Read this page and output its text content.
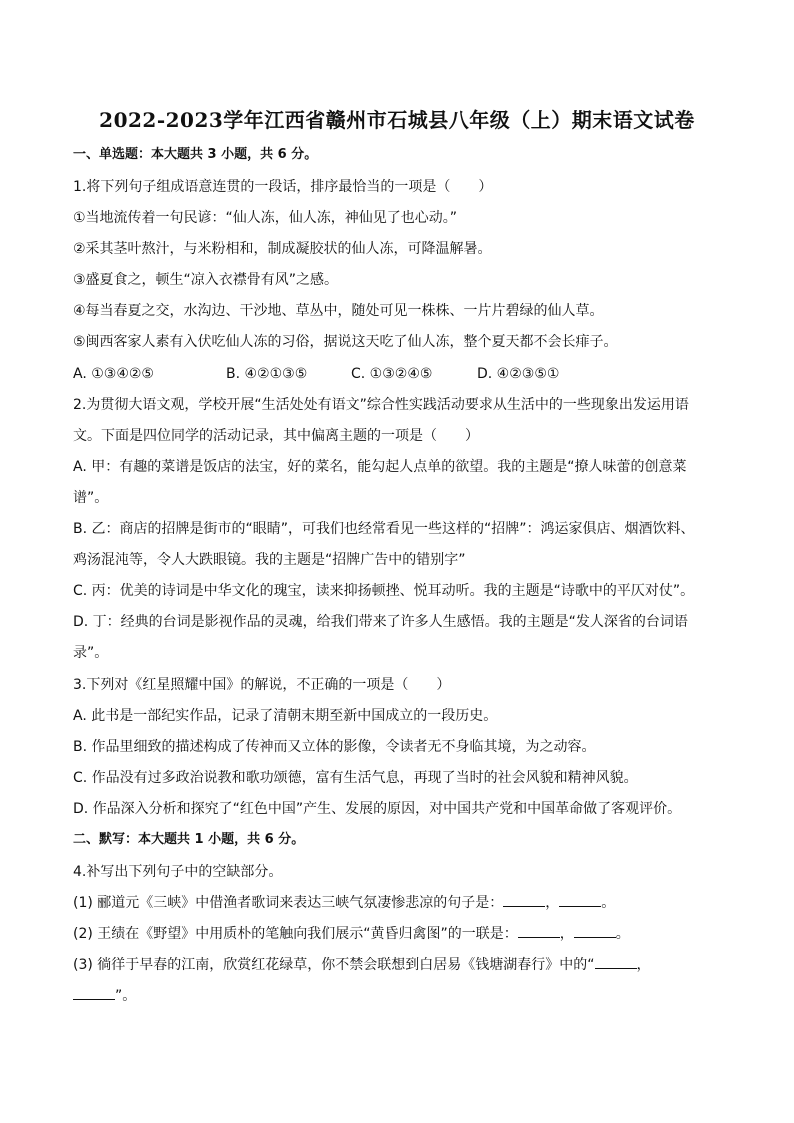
2022-2023学年江西省赣州市石城县八年级（上）期末语文试卷
一、单选题：本大题共 3 小题，共 6 分。
1.将下列句子组成语意连贯的一段话，排序最恰当的一项是（　　）
①当地流传着一句民谚：“仙人冻，仙人冻，神仙见了也心动。”
②采其茎叶熬汁，与米粉相和，制成凝胶状的仙人冻，可降温解暑。
③盛夏食之，顿生“凉入衣襟骨有风”之感。
④每当春夏之交，水沟边、干沙地、草丛中，随处可见一株株、一片片碧绿的仙人草。
⑤闽西客家人素有入伏吃仙人冻的习俗，据说这天吃了仙人冻，整个夏天都不会长痱子。
A. ①③④②⑤	B. ④②①③⑤	C. ①③②④⑤	D. ④②③⑤①
2.为贯彻大语文观，学校开展“生活处处有语文”综合性实践活动要求从生活中的一些现象出发运用语
文。下面是四位同学的活动记录，其中偏离主题的一项是（　　）
A. 甲：有趣的菜谱是饭店的法宝，好的菜名，能勾起人点单的欲望。我的主题是“撩人味蕾的创意菜
谱”。
B. 乙：商店的招牌是街市的“眼睛”，可我们也经常看见一些这样的“招牌”：鸿运家俱店、烟酒饮料、
鸡汤混沌等，令人大跌眼镜。我的主题是“招牌广告中的错别字”
C. 丙：优美的诗词是中华文化的瑰宝，读来抑扬顿挫、悦耳动听。我的主题是“诗歌中的平仄对仗”。
D. 丁：经典的台词是影视作品的灵魂，给我们带来了许多人生感悟。我的主题是“发人深省的台词语
录”。
3.下列对《红星照耀中国》的解说，不正确的一项是（　　）
A. 此书是一部纪实作品，记录了清朝末期至新中国成立的一段历史。
B. 作品里细致的描述构成了传神而又立体的影像，令读者无不身临其境，为之动容。
C. 作品没有过多政治说教和歌功颂德，富有生活气息，再现了当时的社会风貌和精神风貌。
D. 作品深入分析和探究了“红色中国”产生、发展的原因，对中国共产党和中国革命做了客观评价。
二、默写：本大题共 1 小题，共 6 分。
4.补写出下列句子中的空缺部分。
(1) 郦道元《三峡》中借渔者歌词来表达三峡气氛凄惨悲凉的句子是：	，	。
(2) 王绩在《野望》中用质朴的笔触向我们展示“黄昏归禽图”的一联是：	，	。
(3) 徜徉于早春的江南，欣赏红花绿草，你不禁会联想到白居易《钱塘湖春行》中的“	，
”。
